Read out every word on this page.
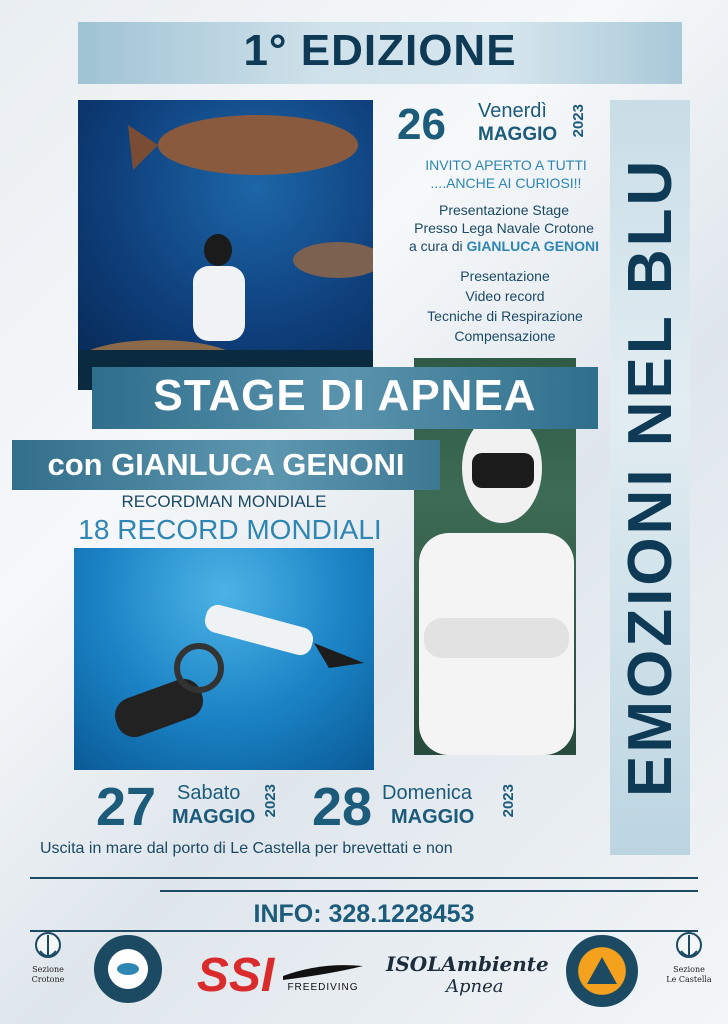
1° EDIZIONE
26 Venerdì
MAGGIO 2023
INVITO APERTO A TUTTI
....ANCHE AI CURIOSI!!
Presentazione Stage
Presso Lega Navale Crotone
a cura di GIANLUCA GENONI
Presentazione
Video record
Tecniche di Respirazione
Compensazione EMOZIONI NEL BLU
STAGE DI APNEA
con GIANLUCA GENONI
RECORDMAN MONDIALE
18 RECORD MONDIALI
27 Sabato
MAGGIO 2023 28 Domenica
MAGGIO 2023
Uscita in mare dal porto di Le Castella per brevettati e non
INFO: 328.1228453
Sezione
Crotone	SSI	FREEDIVING
ISOLAmbiente
Apnea
Sezione
Le Castella
